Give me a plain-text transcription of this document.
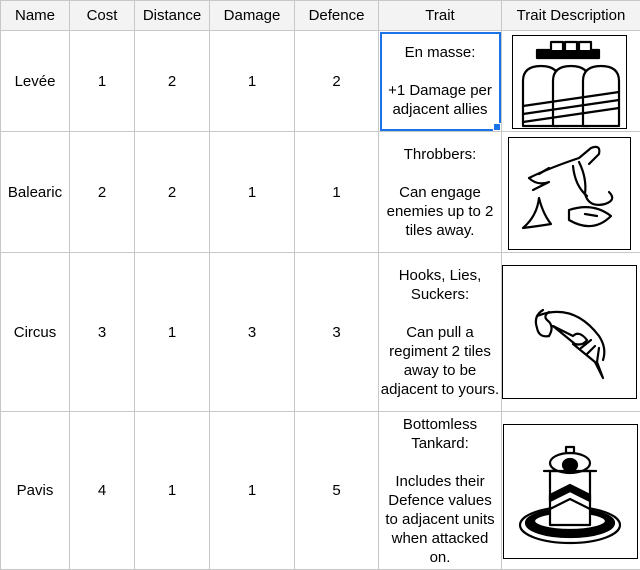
Name	Cost	Distance	Damage	Defence	Trait	Trait Description
Levée	1	2	1	2	En masse:

+1 Damage per adjacent allies	

Balearic	2	2	1	1	Throbbers:

Can engage enemies up to 2 tiles away.	

Circus	3	1	3	3	Hooks, Lies, Suckers:

Can pull a regiment 2 tiles away to be adjacent to yours.	

Pavis	4	1	1	5	Bottomless Tankard:

Includes their Defence values to adjacent units when attacked on.	
